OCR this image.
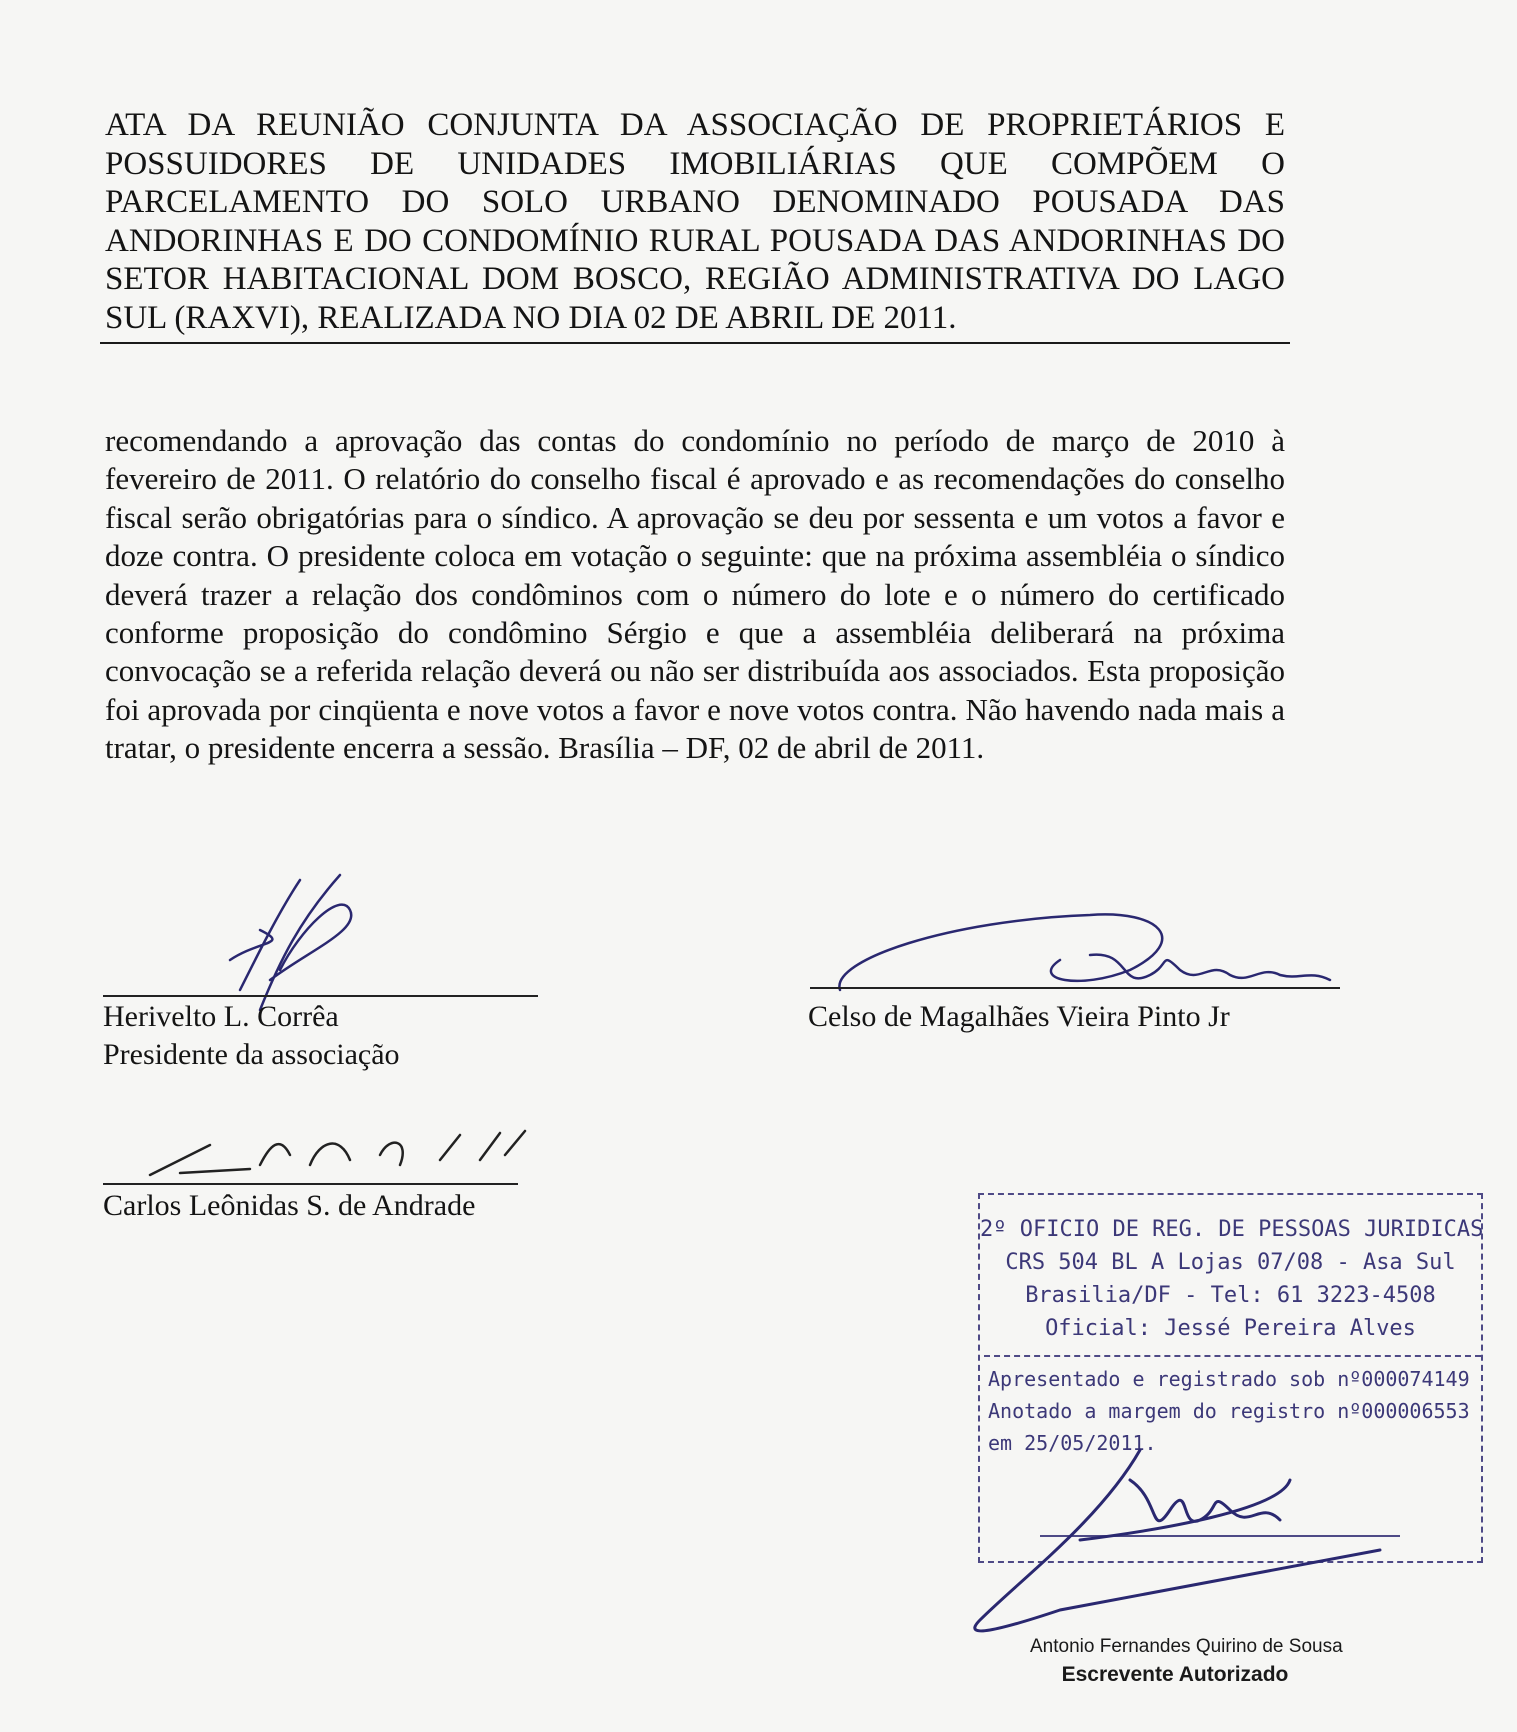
ATA DA REUNIÃO CONJUNTA DA ASSOCIAÇÃO DE PROPRIETÁRIOS E POSSUIDORES DE UNIDADES IMOBILIÁRIAS QUE COMPÕEM O PARCELAMENTO DO SOLO URBANO DENOMINADO POUSADA DAS ANDORINHAS E DO CONDOMÍNIO RURAL POUSADA DAS ANDORINHAS DO SETOR HABITACIONAL DOM BOSCO, REGIÃO ADMINISTRATIVA DO LAGO SUL (RAXVI), REALIZADA NO DIA 02 DE ABRIL DE 2011.
recomendando a aprovação das contas do condomínio no período de março de 2010 à fevereiro de 2011. O relatório do conselho fiscal é aprovado e as recomendações do conselho fiscal serão obrigatórias para o síndico. A aprovação se deu por sessenta e um votos a favor e doze contra. O presidente coloca em votação o seguinte: que na próxima assembléia o síndico deverá trazer a relação dos condôminos com o número do lote e o número do certificado conforme proposição do condômino Sérgio e que a assembléia deliberará na próxima convocação se a referida relação deverá ou não ser distribuída aos associados. Esta proposição foi aprovada por cinqüenta e nove votos a favor e nove votos contra. Não havendo nada mais a tratar, o presidente encerra a sessão. Brasília – DF, 02 de abril de 2011.
Herivelto L. Corrêa
Presidente da associação
Celso de Magalhães Vieira Pinto Jr
Carlos Leônidas S. de Andrade
2º OFICIO DE REG. DE PESSOAS JURIDICAS
CRS 504 BL A Lojas 07/08 - Asa Sul
Brasilia/DF - Tel: 61 3223-4508
Oficial: Jessé Pereira Alves
Apresentado e registrado sob nº000074149
Anotado a margem do registro nº000006553
em 25/05/2011.
Antonio Fernandes Quirino de Sousa
Escrevente Autorizado
